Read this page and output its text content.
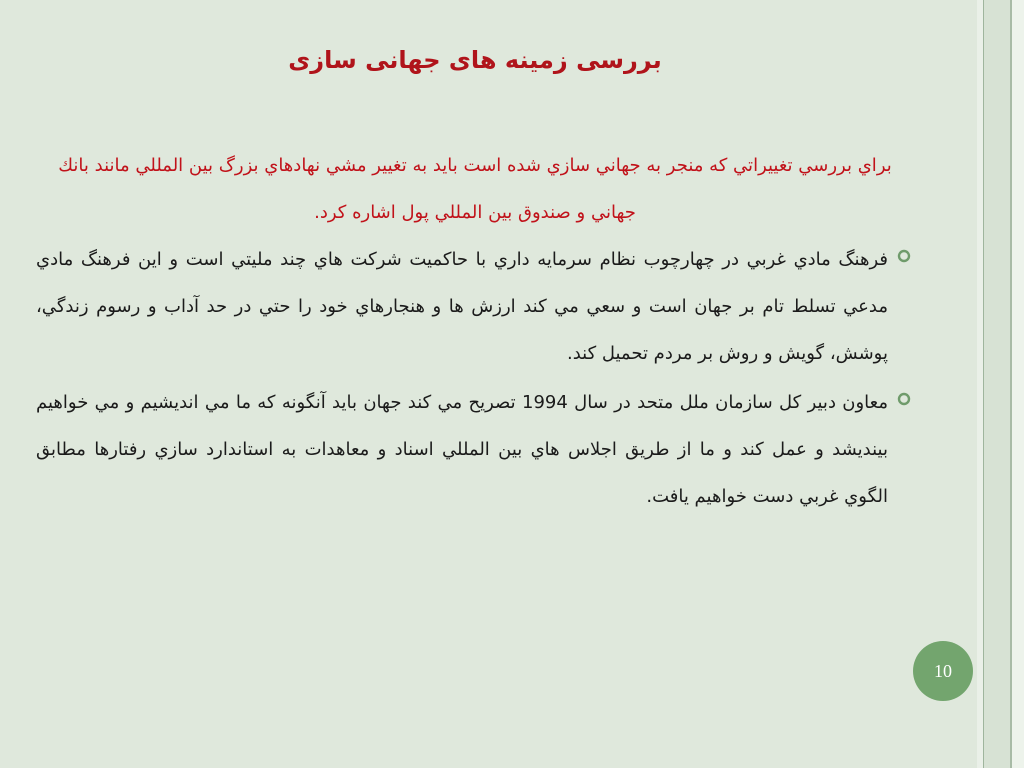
بررسی زمینه های جهانی سازی

براي بررسي تغييراتي كه منجر به جهاني سازي شده است بايد به تغيير مشي نهادهاي بزرگ بين المللي مانند بانك جهاني و صندوق بين المللي پول اشاره كرد.

فرهنگ مادي غربي در چهارچوب نظام سرمايه داري با حاكميت شركت هاي چند مليتي است و اين فرهنگ مادي مدعي تسلط تام بر جهان است و سعي مي كند ارزش ها و هنجارهاي خود را حتي در حد آداب و رسوم زندگي، پوشش، گويش و روش بر مردم تحميل كند.

معاون دبير كل سازمان ملل متحد در سال 1994 تصريح مي كند جهان بايد آنگونه كه ما مي انديشيم و مي خواهيم بينديشد و عمل كند و ما از طريق اجلاس هاي بين المللي اسناد و معاهدات به استاندارد سازي رفتارها مطابق الگوي غربي دست خواهيم يافت.

10
